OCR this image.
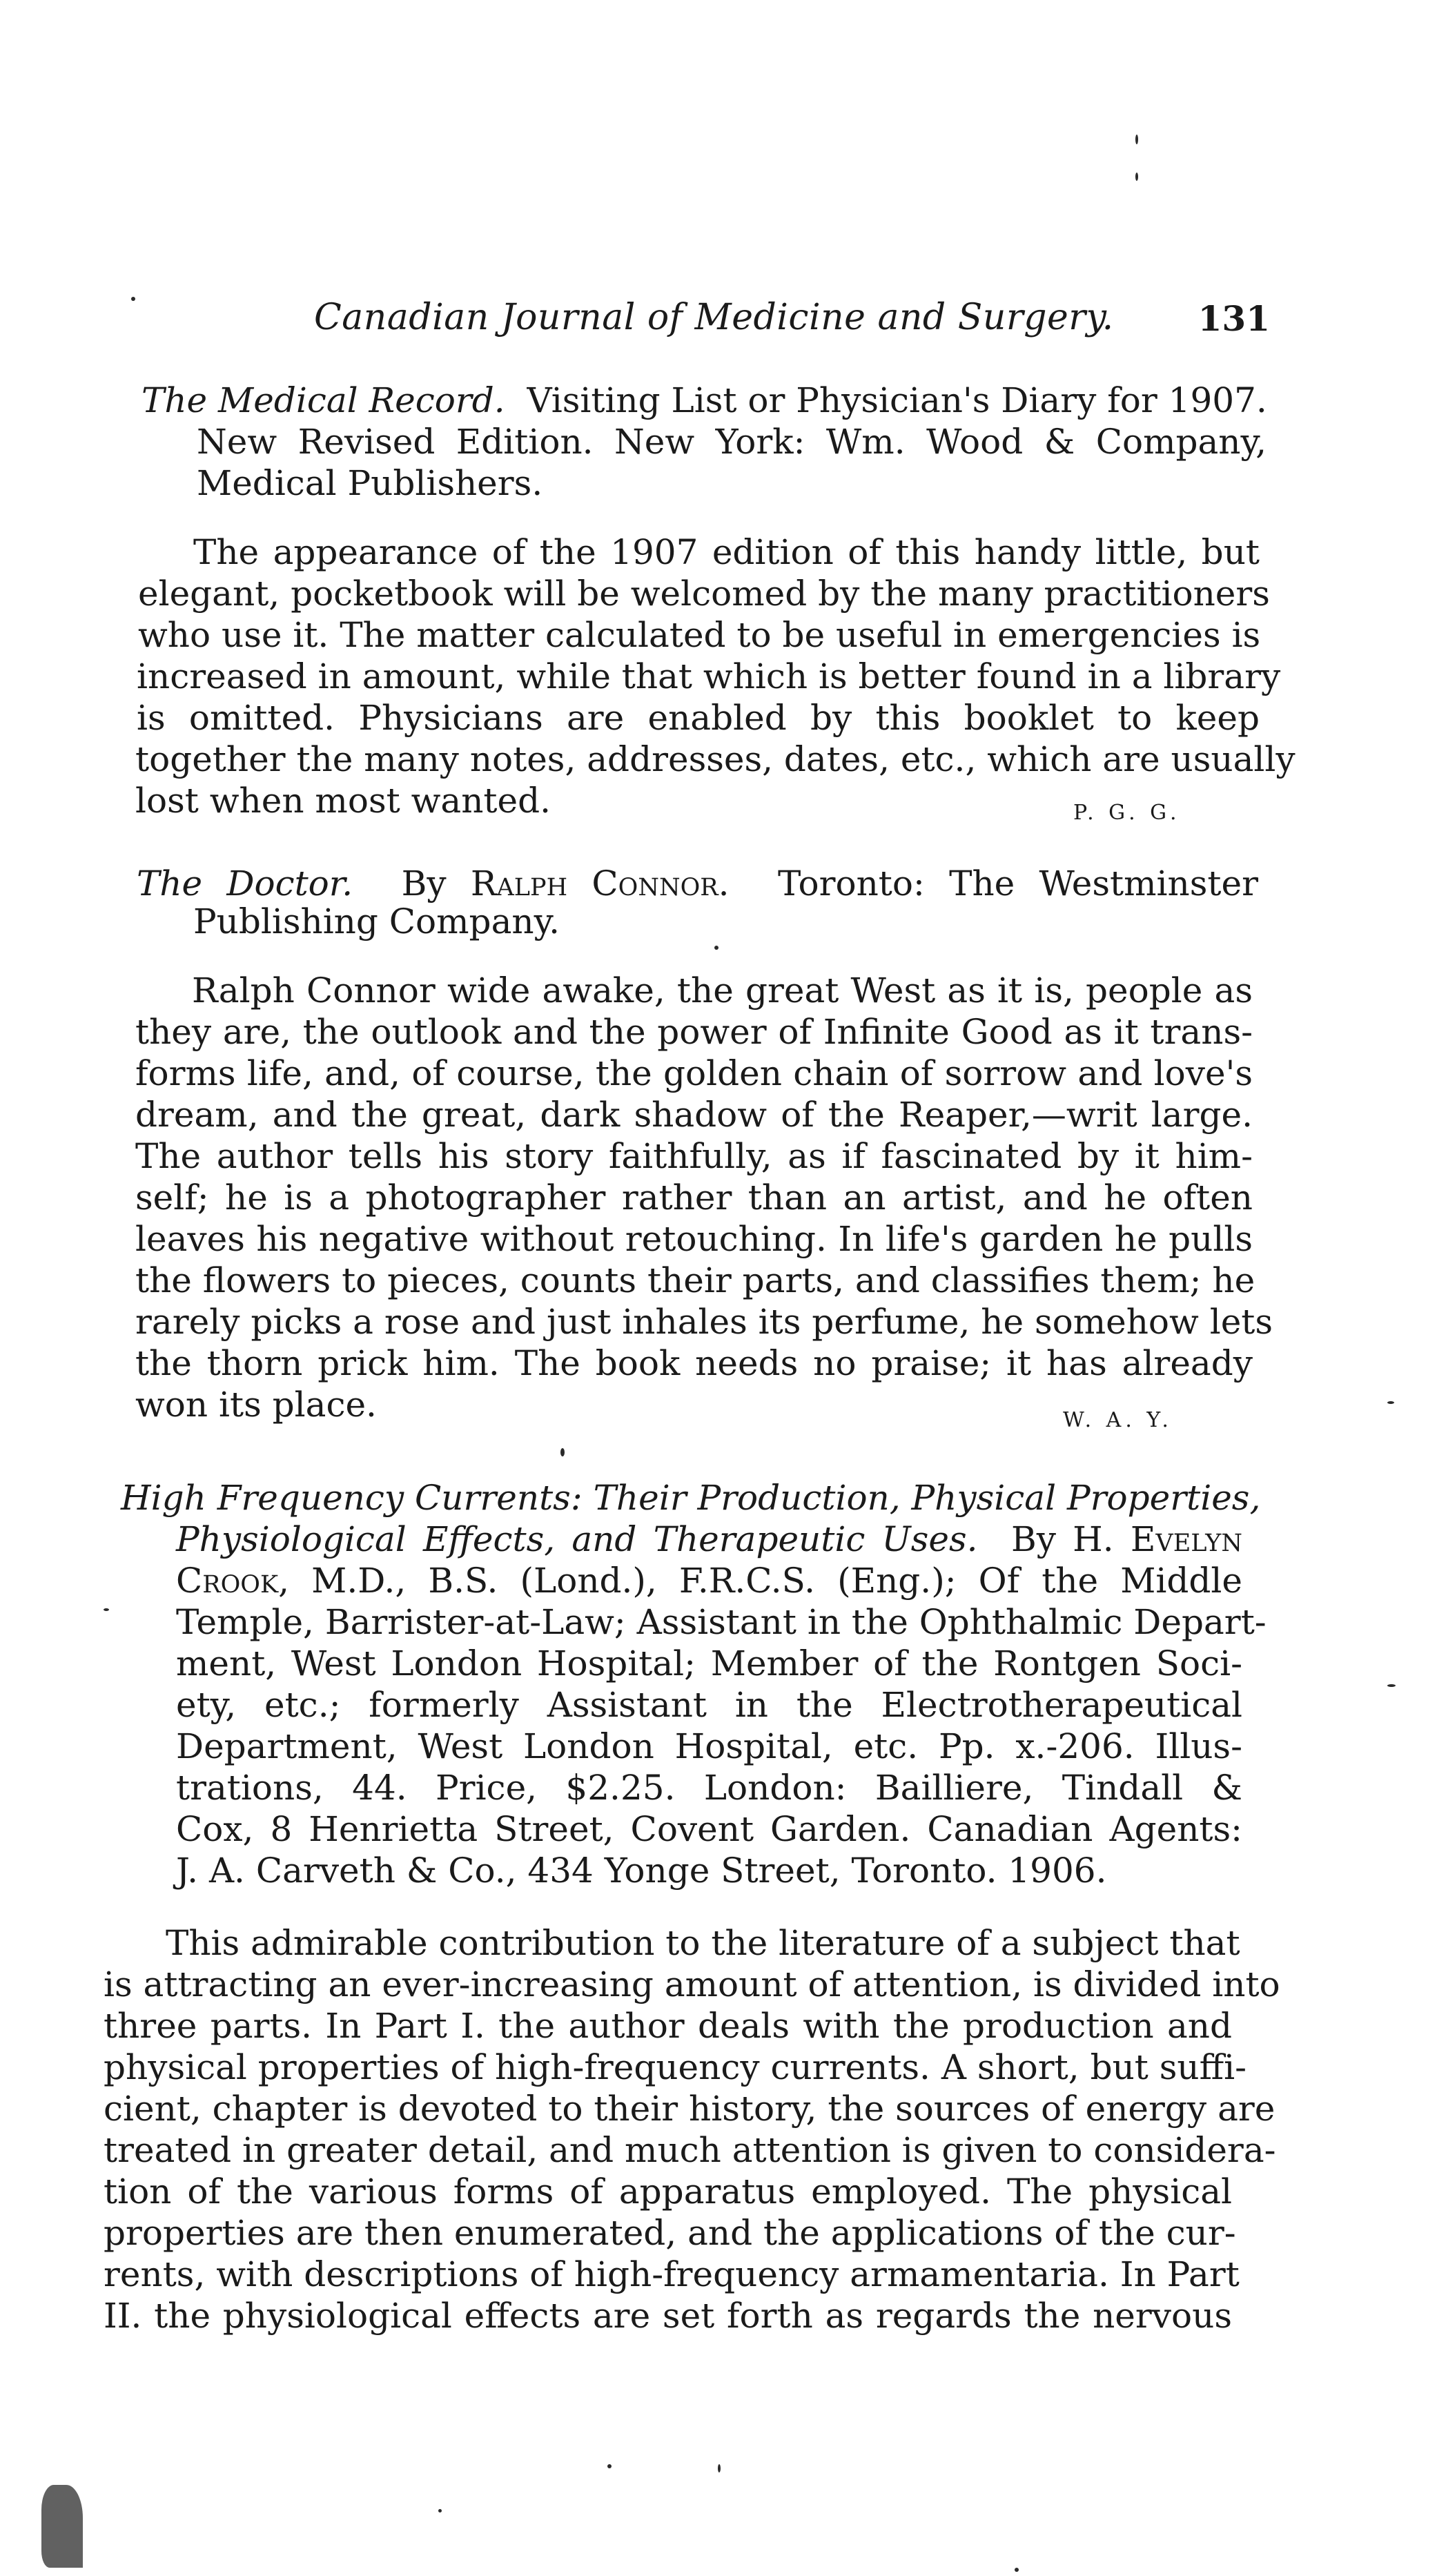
Canadian Journal of Medicine and Surgery. 131
The Medical Record. Visiting List or Physician's Diary for 1907.
New Revised Edition. New York: Wm. Wood & Company,
Medical Publishers.
The appearance of the 1907 edition of this handy little, but
elegant, pocketbook will be welcomed by the many practitioners
who use it. The matter calculated to be useful in emergencies is
increased in amount, while that which is better found in a library
is omitted. Physicians are enabled by this booklet to keep
together the many notes, addresses, dates, etc., which are usually
lost when most wanted.	P. G. G.
The Doctor. By Ralph Connor. Toronto: The Westminster
Publishing Company.
Ralph Connor wide awake, the great West as it is, people as
they are, the outlook and the power of Infinite Good as it trans-
forms life, and, of course, the golden chain of sorrow and love's
dream, and the great, dark shadow of the Reaper,—writ large.
The author tells his story faithfully, as if fascinated by it him-
self; he is a photographer rather than an artist, and he often
leaves his negative without retouching. In life's garden he pulls
the flowers to pieces, counts their parts, and classifies them; he
rarely picks a rose and just inhales its perfume, he somehow lets
the thorn prick him. The book needs no praise; it has already
won its place.	W. A. Y.
High Frequency Currents: Their Production, Physical Properties,
Physiological Effects, and Therapeutic Uses. By H. Evelyn
Crook, M.D., B.S. (Lond.), F.R.C.S. (Eng.); Of the Middle
Temple, Barrister-at-Law; Assistant in the Ophthalmic Depart-
ment, West London Hospital; Member of the Rontgen Soci-
ety, etc.; formerly Assistant in the Electrotherapeutical
Department, West London Hospital, etc. Pp. x.-206. Illus-
trations, 44. Price, $2.25. London: Bailliere, Tindall &
Cox, 8 Henrietta Street, Covent Garden. Canadian Agents:
J. A. Carveth & Co., 434 Yonge Street, Toronto. 1906.
This admirable contribution to the literature of a subject that
is attracting an ever-increasing amount of attention, is divided into
three parts. In Part I. the author deals with the production and
physical properties of high-frequency currents. A short, but suffi-
cient, chapter is devoted to their history, the sources of energy are
treated in greater detail, and much attention is given to considera-
tion of the various forms of apparatus employed. The physical
properties are then enumerated, and the applications of the cur-
rents, with descriptions of high-frequency armamentaria. In Part
II. the physiological effects are set forth as regards the nervous
